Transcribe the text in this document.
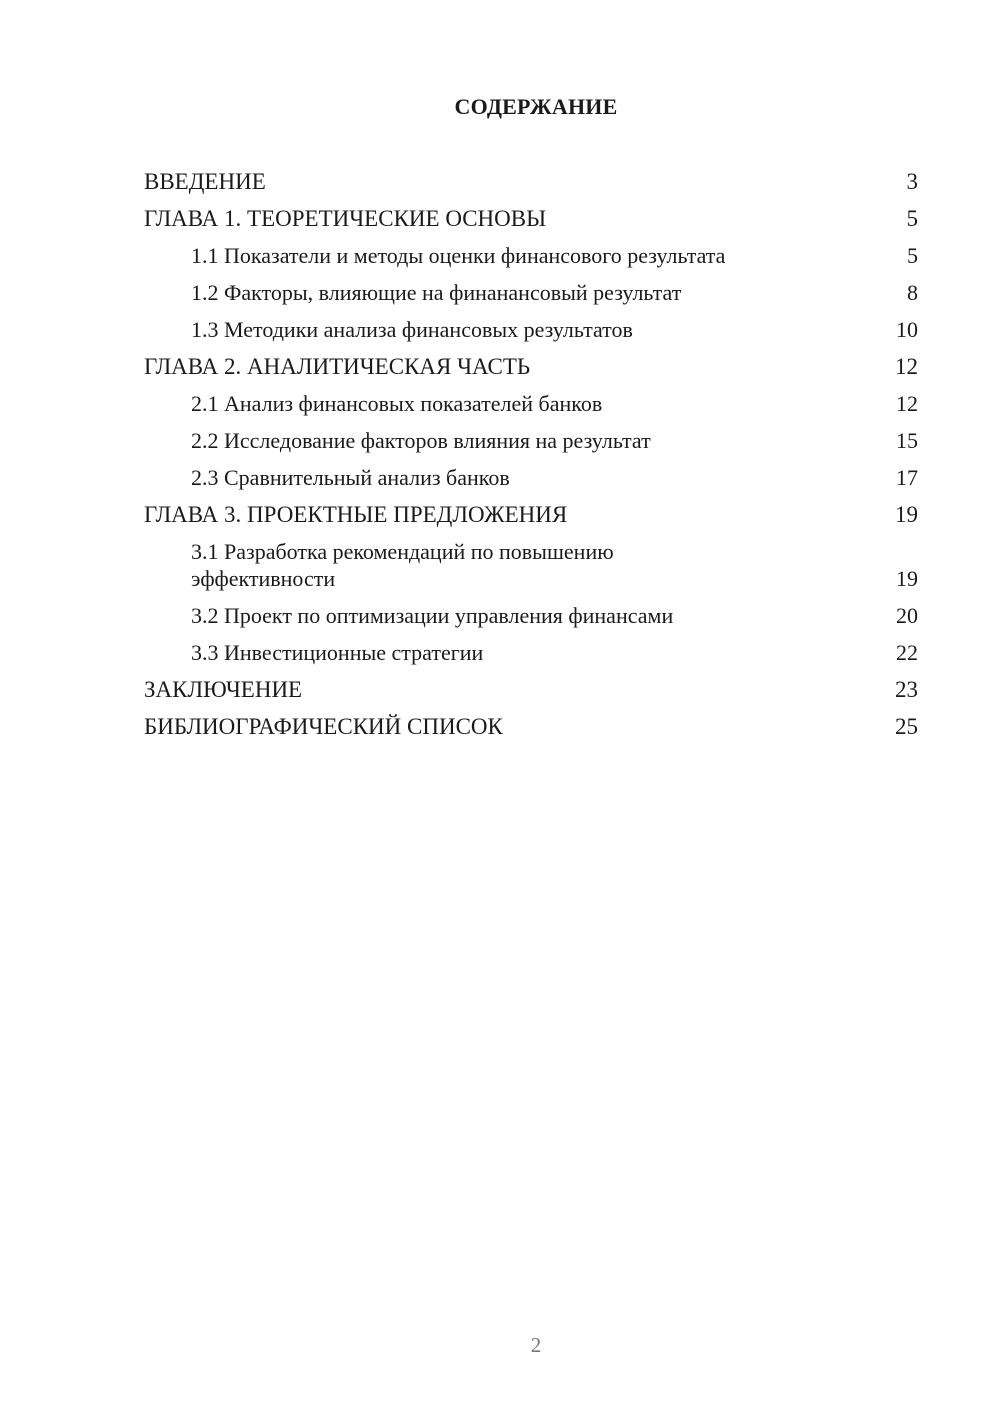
СОДЕРЖАНИЕ
ВВЕДЕНИЕ	3
ГЛАВА 1. ТЕОРЕТИЧЕСКИЕ ОСНОВЫ	5
1.1 Показатели и методы оценки финансового результата	5
1.2 Факторы, влияющие на финанансовый результат	8
1.3 Методики анализа финансовых результатов	10
ГЛАВА 2. АНАЛИТИЧЕСКАЯ ЧАСТЬ	12
2.1 Анализ финансовых показателей банков	12
2.2 Исследование факторов влияния на результат	15
2.3 Сравнительный анализ банков	17
ГЛАВА 3. ПРОЕКТНЫЕ ПРЕДЛОЖЕНИЯ	19
3.1 Разработка рекомендаций по повышению эффективности	19
3.2 Проект по оптимизации управления финансами	20
3.3 Инвестиционные стратегии	22
ЗАКЛЮЧЕНИЕ	23
БИБЛИОГРАФИЧЕСКИЙ СПИСОК	25
2
